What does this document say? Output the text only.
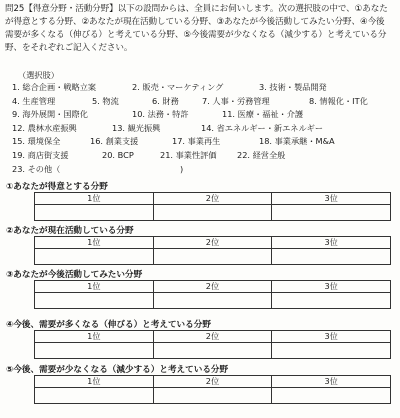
問25【得意分野・活動分野】以下の設問からは、全員にお伺いします。次の選択肢の中で、①あなたが得意とする分野、②あなたが現在活動している分野、③あなたが今後活動してみたい分野、④今後需要が多くなる（伸びる）と考えている分野、⑤今後需要が少なくなる（減少する）と考えている分野、をそれぞれご記入ください。
（選択肢）
1. 総合企画・戦略立案	2. 販売・マーケティング	3. 技術・製品開発
4. 生産管理	5. 物流	6. 財務	7. 人事・労務管理	8. 情報化・IT化
9. 海外展開・国際化	10. 法務・特許	11. 医療・福祉・介護
12. 農林水産振興	13. 観光振興	14. 省エネルギー・新エネルギー
15. 環境保全	16. 創業支援	17. 事業再生	18. 事業承継・M&A
19. 商店街支援	20. BCP	21. 事業性評価 22. 経営全般
23. その他（	)
①あなたが得意とする分野
1位	2位	3位

②あなたが現在活動している分野
1位	2位	3位

③あなたが今後活動してみたい分野
1位	2位	3位

④今後、需要が多くなる（伸びる）と考えている分野
1位	2位	3位

⑤今後、需要が少なくなる（減少する）と考えている分野
1位	2位	3位
